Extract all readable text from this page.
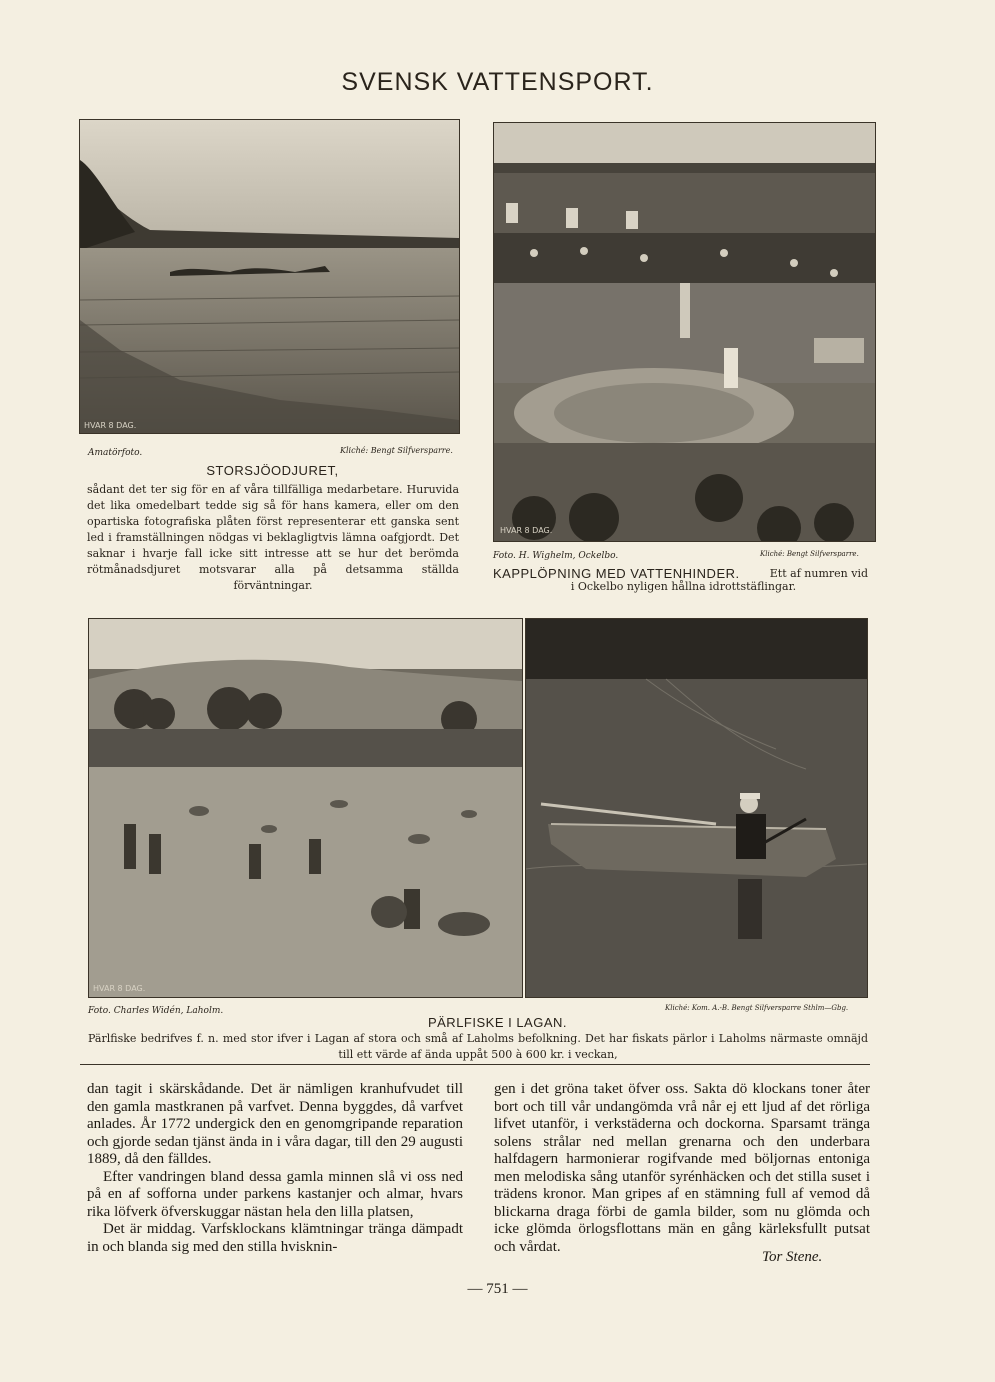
SVENSK VATTENSPORT.
HVAR 8 DAG.
Amatörfoto.	Kliché: Bengt Silfversparre.
STORSJÖODJURET,
sådant det ter sig för en af våra tillfälliga medarbetare. Huruvida det lika omedelbart tedde sig så för hans kamera, eller om den opartiska fotografiska plåten först representerar ett ganska sent led i framställningen nödgas vi beklagligtvis lämna oafgjordt. Det saknar i hvarje fall icke sitt intresse att se hur det berömda rötmånadsdjuret motsvarar alla på detsamma ställda förväntningar.
HVAR 8 DAG.
Foto. H. Wighelm, Ockelbo.	Kliché: Bengt Silfversparre.
KAPPLÖPNING MED VATTENHINDER.	Ett af numren vid
i Ockelbo nyligen hållna idrottstäflingar.
HVAR 8 DAG.
Foto. Charles Widén, Laholm.	Kliché: Kom. A.-B. Bengt Silfversparre Sthlm—Gbg.
PÄRLFISKE I LAGAN.
Pärlfiske bedrifves f. n. med stor ifver i Lagan af stora och små af Laholms befolkning. Det har fiskats pärlor i Laholms närmaste omnäjd till ett värde af ända uppåt 500 à 600 kr. i veckan,

dan tagit i skärskådande. Det är nämligen kranhufvudet till den gamla mastkranen på varfvet. Denna byggdes, då varfvet anlades. År 1772 undergick den en genomgripande reparation och gjorde sedan tjänst ända in i våra dagar, till den 29 augusti 1889, då den fälldes.

Efter vandringen bland dessa gamla minnen slå vi oss ned på en af sofforna under parkens kastanjer och almar, hvars rika löfverk öfverskuggar nästan hela den lilla platsen,

Det är middag. Varfsklockans klämtningar tränga dämpadt in och blanda sig med den stilla hvisknin-

gen i det gröna taket öfver oss. Sakta dö klockans toner åter bort och till vår undangömda vrå når ej ett ljud af det rörliga lifvet utanför, i verkstäderna och dockorna. Sparsamt tränga solens strålar ned mellan grenarna och den underbara halfdagern harmonierar rogifvande med böljornas entoniga men melodiska sång utanför syrénhäcken och det stilla suset i trädens kronor. Man gripes af en stämning full af vemod då blickarna draga förbi de gamla bilder, som nu glömda och icke glömda örlogsflottans män en gång kärleksfullt putsat och vårdat.

Tor Stene.
— 751 —
